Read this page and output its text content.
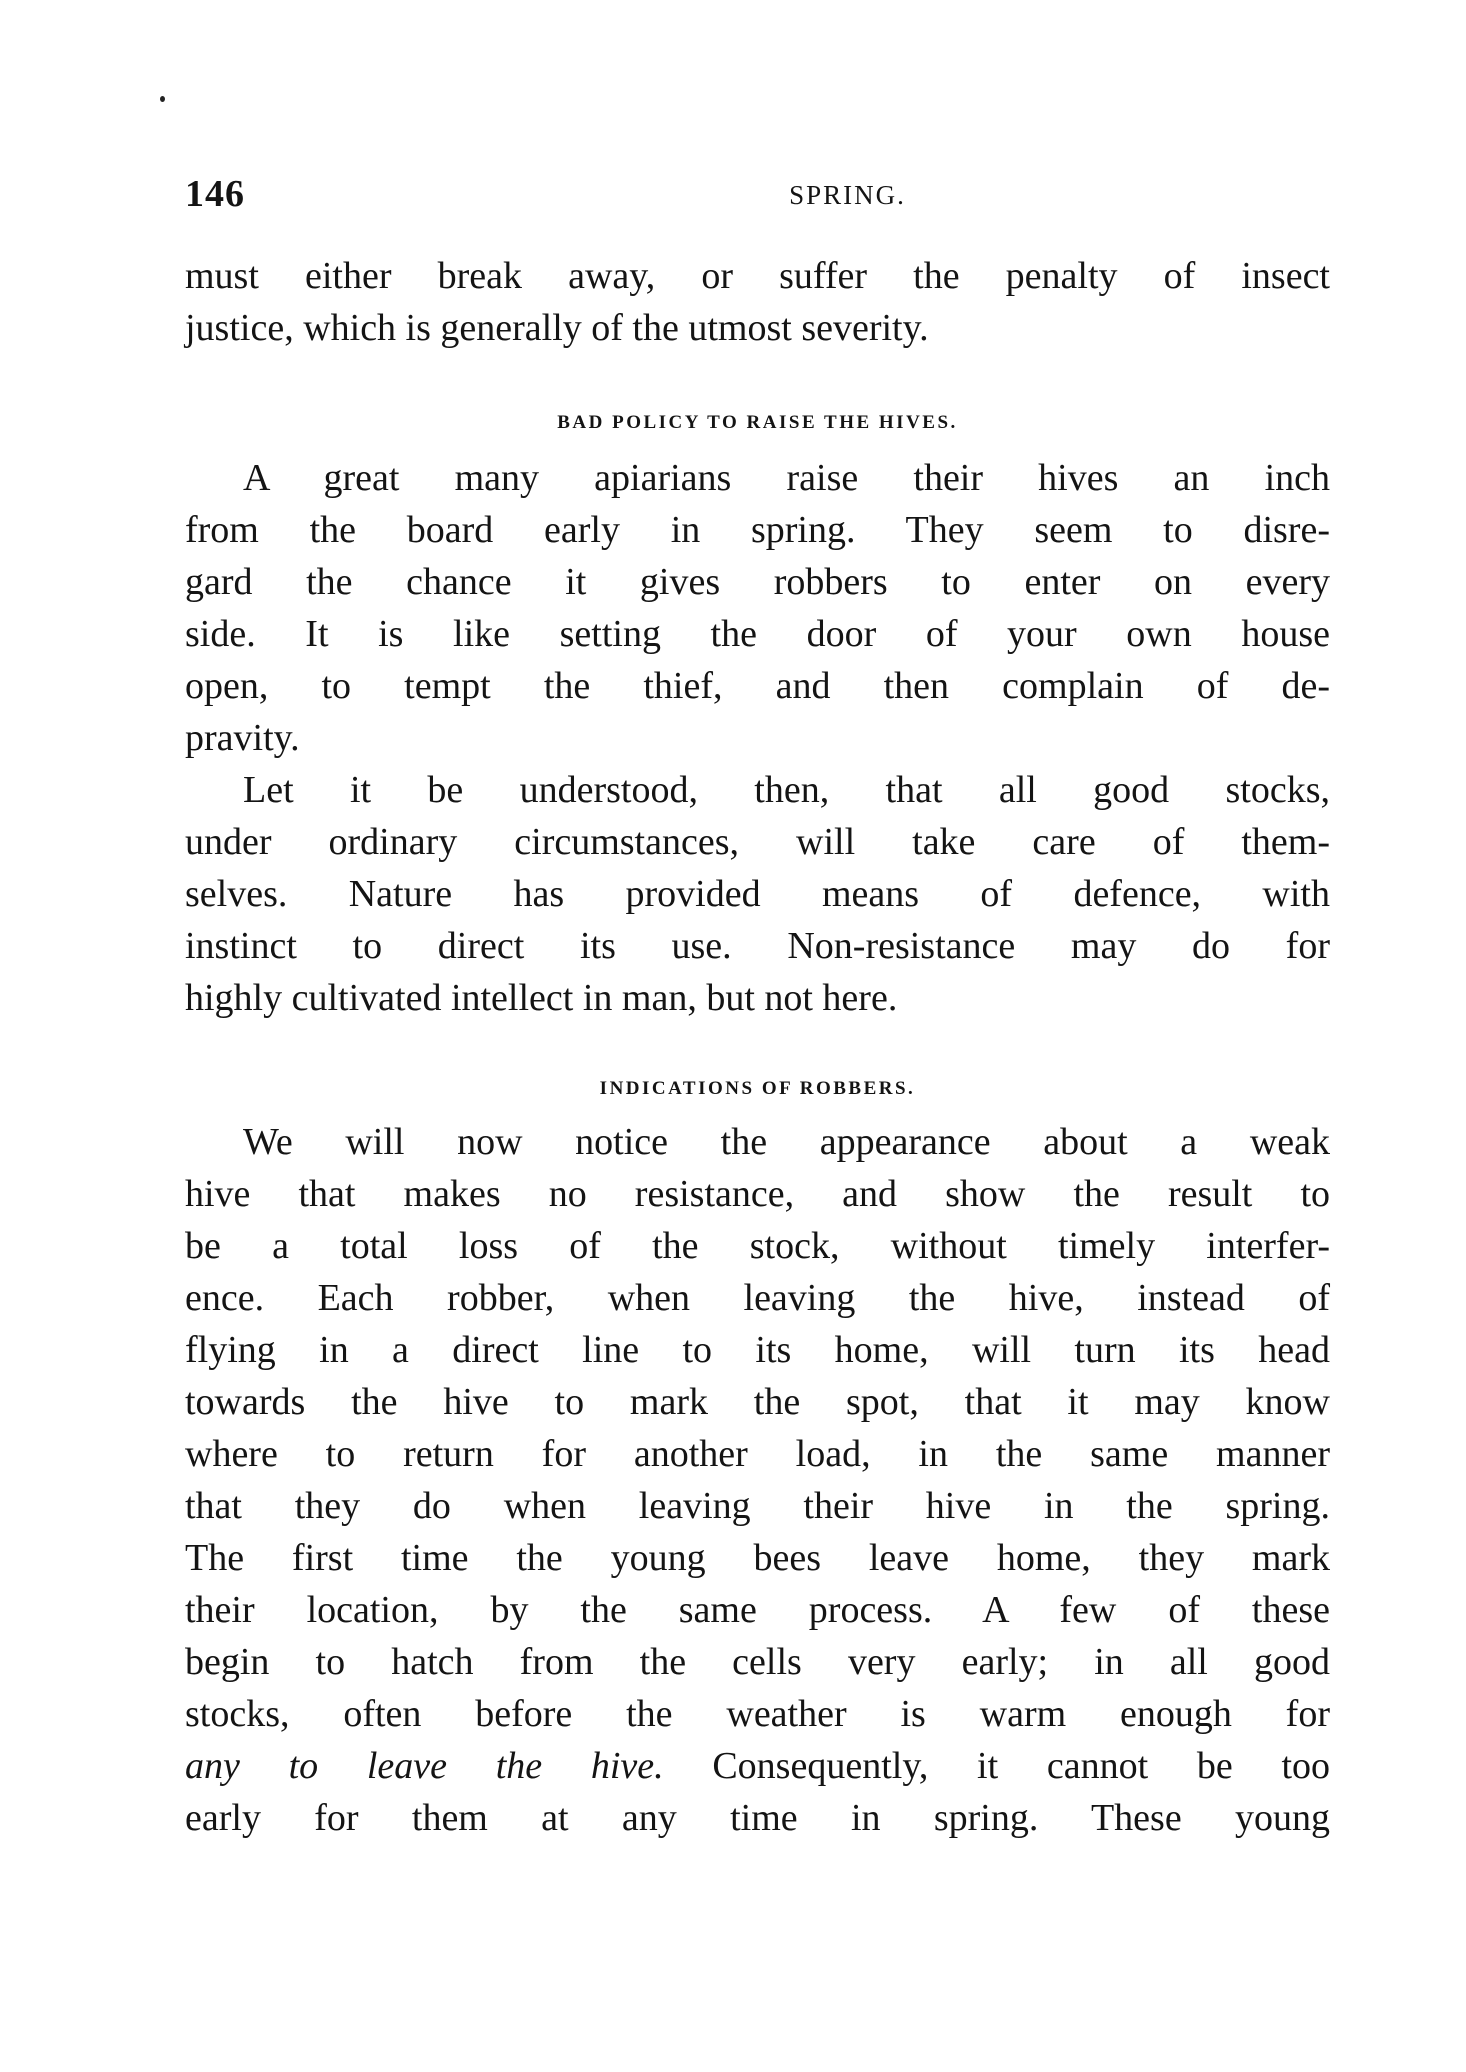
146	SPRING.
must either break away, or suffer the penalty of insect
justice, which is generally of the utmost severity.
BAD POLICY TO RAISE THE HIVES.
A great many apiarians raise their hives an inch
from the board early in spring. They seem to disre-
gard the chance it gives robbers to enter on every
side. It is like setting the door of your own house
open, to tempt the thief, and then complain of de-
pravity.
Let it be understood, then, that all good stocks,
under ordinary circumstances, will take care of them-
selves. Nature has provided means of defence, with
instinct to direct its use. Non-resistance may do for
highly cultivated intellect in man, but not here.
INDICATIONS OF ROBBERS.
We will now notice the appearance about a weak
hive that makes no resistance, and show the result to
be a total loss of the stock, without timely interfer-
ence. Each robber, when leaving the hive, instead of
flying in a direct line to its home, will turn its head
towards the hive to mark the spot, that it may know
where to return for another load, in the same manner
that they do when leaving their hive in the spring.
The first time the young bees leave home, they mark
their location, by the same process. A few of these
begin to hatch from the cells very early; in all good
stocks, often before the weather is warm enough for
any to leave the hive. Consequently, it cannot be too
early for them at any time in spring. These young
